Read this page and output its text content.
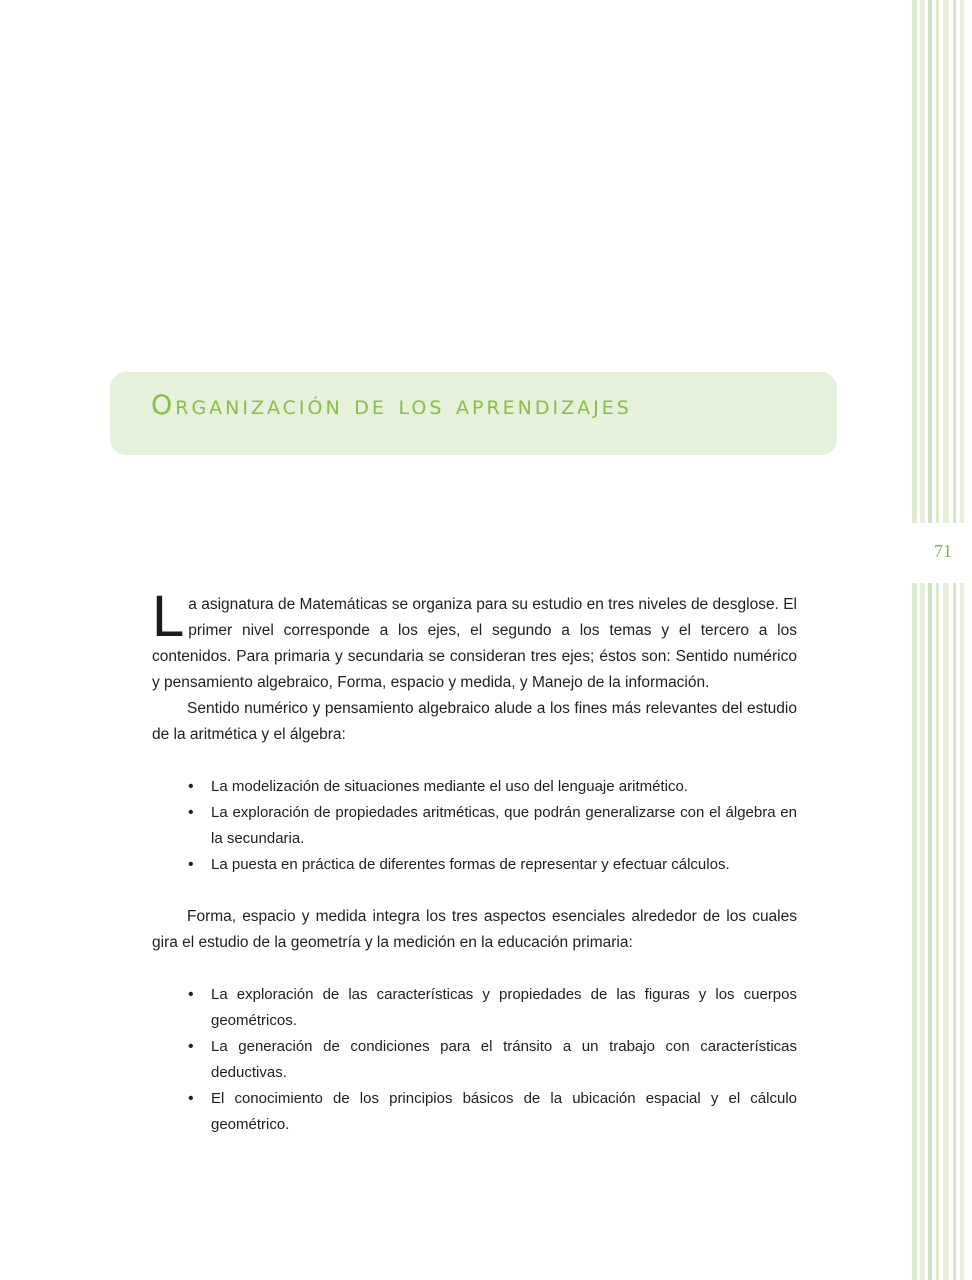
71
Organización de los aprendizajes

La asignatura de Matemáticas se organiza para su estudio en tres niveles de desglose. El primer nivel corresponde a los ejes, el segundo a los temas y el tercero a los contenidos. Para primaria y secundaria se consideran tres ejes; éstos son: Sentido numérico y pensamiento algebraico, Forma, espacio y medida, y Manejo de la información.

Sentido numérico y pensamiento algebraico alude a los fines más relevantes del estudio de la aritmética y el álgebra:

• La modelización de situaciones mediante el uso del lenguaje aritmético.
• La exploración de propiedades aritméticas, que podrán generalizarse con el álgebra en la secundaria.
• La puesta en práctica de diferentes formas de representar y efectuar cálculos.

Forma, espacio y medida integra los tres aspectos esenciales alrededor de los cuales gira el estudio de la geometría y la medición en la educación primaria:

• La exploración de las características y propiedades de las figuras y los cuerpos geométricos.
• La generación de condiciones para el tránsito a un trabajo con características deductivas.
• El conocimiento de los principios básicos de la ubicación espacial y el cálculo geométrico.
